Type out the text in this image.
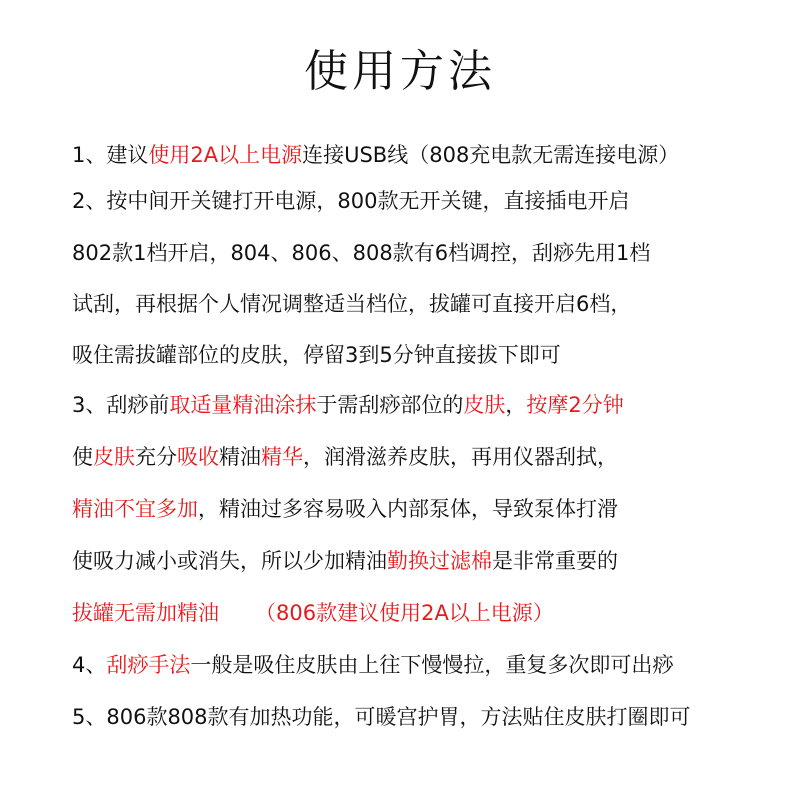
使用方法

1、建议使用2A以上电源连接USB线（808充电款无需连接电源）

2、按中间开关键打开电源，800款无开关键，直接插电开启

802款1档开启，804、806、808款有6档调控，刮痧先用1档

试刮，再根据个人情况调整适当档位，拔罐可直接开启6档，

吸住需拔罐部位的皮肤，停留3到5分钟直接拔下即可

3、刮痧前取适量精油涂抹于需刮痧部位的皮肤，按摩2分钟

使皮肤充分吸收精油精华，润滑滋养皮肤，再用仪器刮拭，

精油不宜多加，精油过多容易吸入内部泵体，导致泵体打滑

使吸力减小或消失，所以少加精油勤换过滤棉是非常重要的

拔罐无需加精油 （806款建议使用2A以上电源）

4、刮痧手法一般是吸住皮肤由上往下慢慢拉，重复多次即可出痧

5、806款808款有加热功能，可暖宫护胃，方法贴住皮肤打圈即可
